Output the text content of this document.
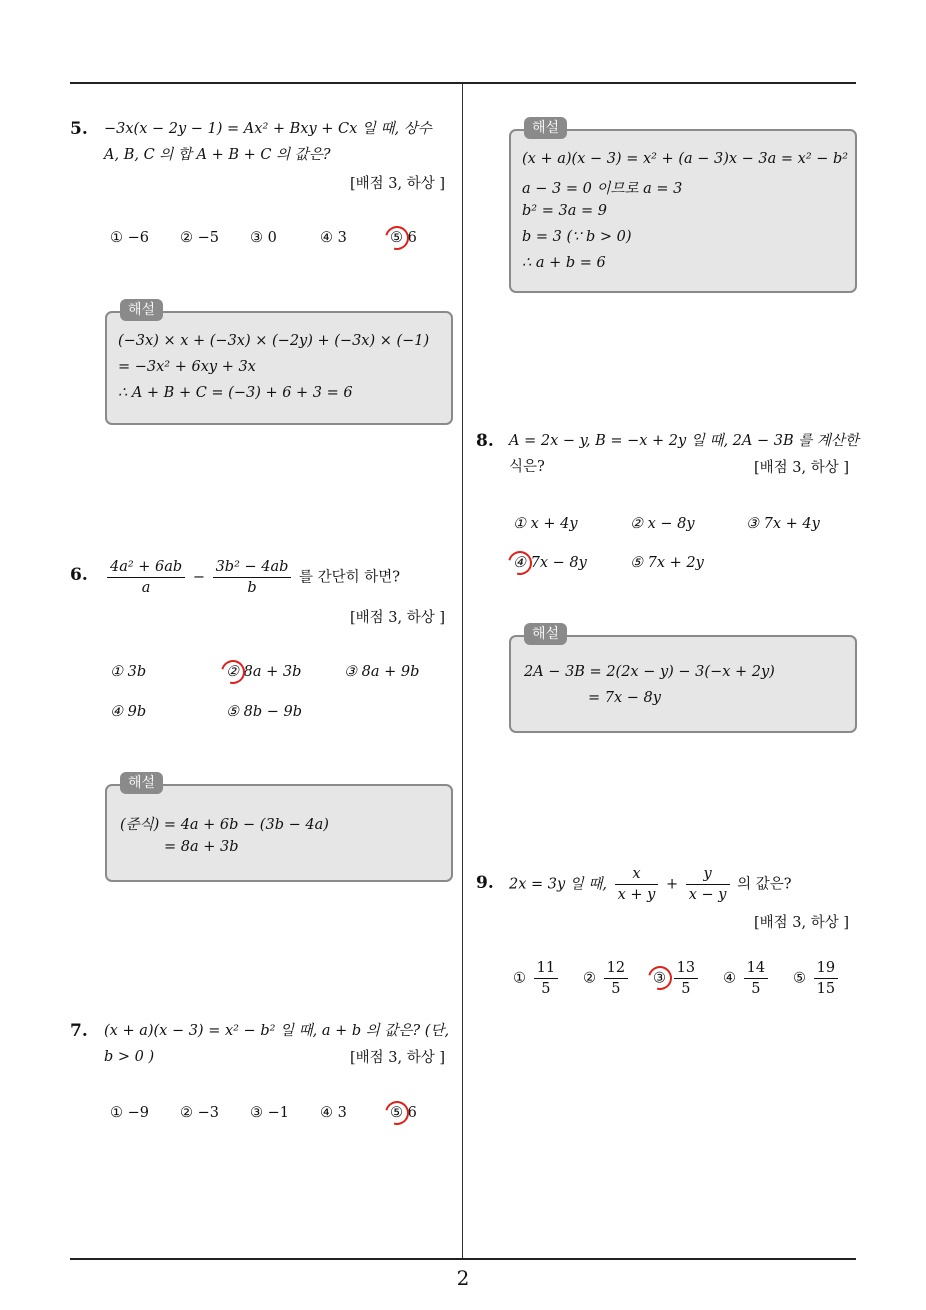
2
5. −3x(x − 2y − 1) = Ax² + Bxy + Cx 일 때, 상수
A, B, C 의 합 A + B + C 의 값은?
[배점 3, 하상 ]
① −6 ② −5 ③ 0	④ 3	⑤ 6
해설
(−3x) × x + (−3x) × (−2y) + (−3x) × (−1)
= −3x² + 6xy + 3x
∴ A + B + C = (−3) + 6 + 3 = 6
6. $\frac{\text{4a² + 6ab}}{a} - \frac{\text{3b² − 4ab}}{b}$ 를 간단히 하면?
[배점 3, 하상 ]
① 3b	② 8a + 3b	③ 8a + 9b
④ 9b	⑤ 8b − 9b
해설
(준식) = 4a + 6b − (3b − 4a)
= 8a + 3b
7. (x + a)(x − 3) = x² − b² 일 때, a + b 의 값은? (단,
b > 0 )	[배점 3, 하상 ]
① −9 ② −3 ③ −1 ④ 3	⑤ 6
해설
(x + a)(x − 3) = x² + (a − 3)x − 3a = x² − b²
a − 3 = 0 이므로 a = 3
b² = 3a = 9
b = 3 (∵ b > 0)
∴ a + b = 6
8. A = 2x − y, B = −x + 2y 일 때, 2A − 3B 를 계산한
식은?	[배점 3, 하상 ]
① x + 4y	② x − 8y	③ 7x + 4y
④ 7x − 8y	⑤ 7x + 2y
해설
2A − 3B = 2(2x − y) − 3(−x + 2y)
= 7x − 8y
9. 2x = 3y 일 때, $\frac{x}{x + y} + \frac{y}{x - y}$ 의 값은?
[배점 3, 하상 ]
① $\frac{11}{5}$ ② $\frac{12}{5}$ ③ $\frac{13}{5}$ ④ $\frac{14}{5}$ ⑤ $\frac{19}{15}$
